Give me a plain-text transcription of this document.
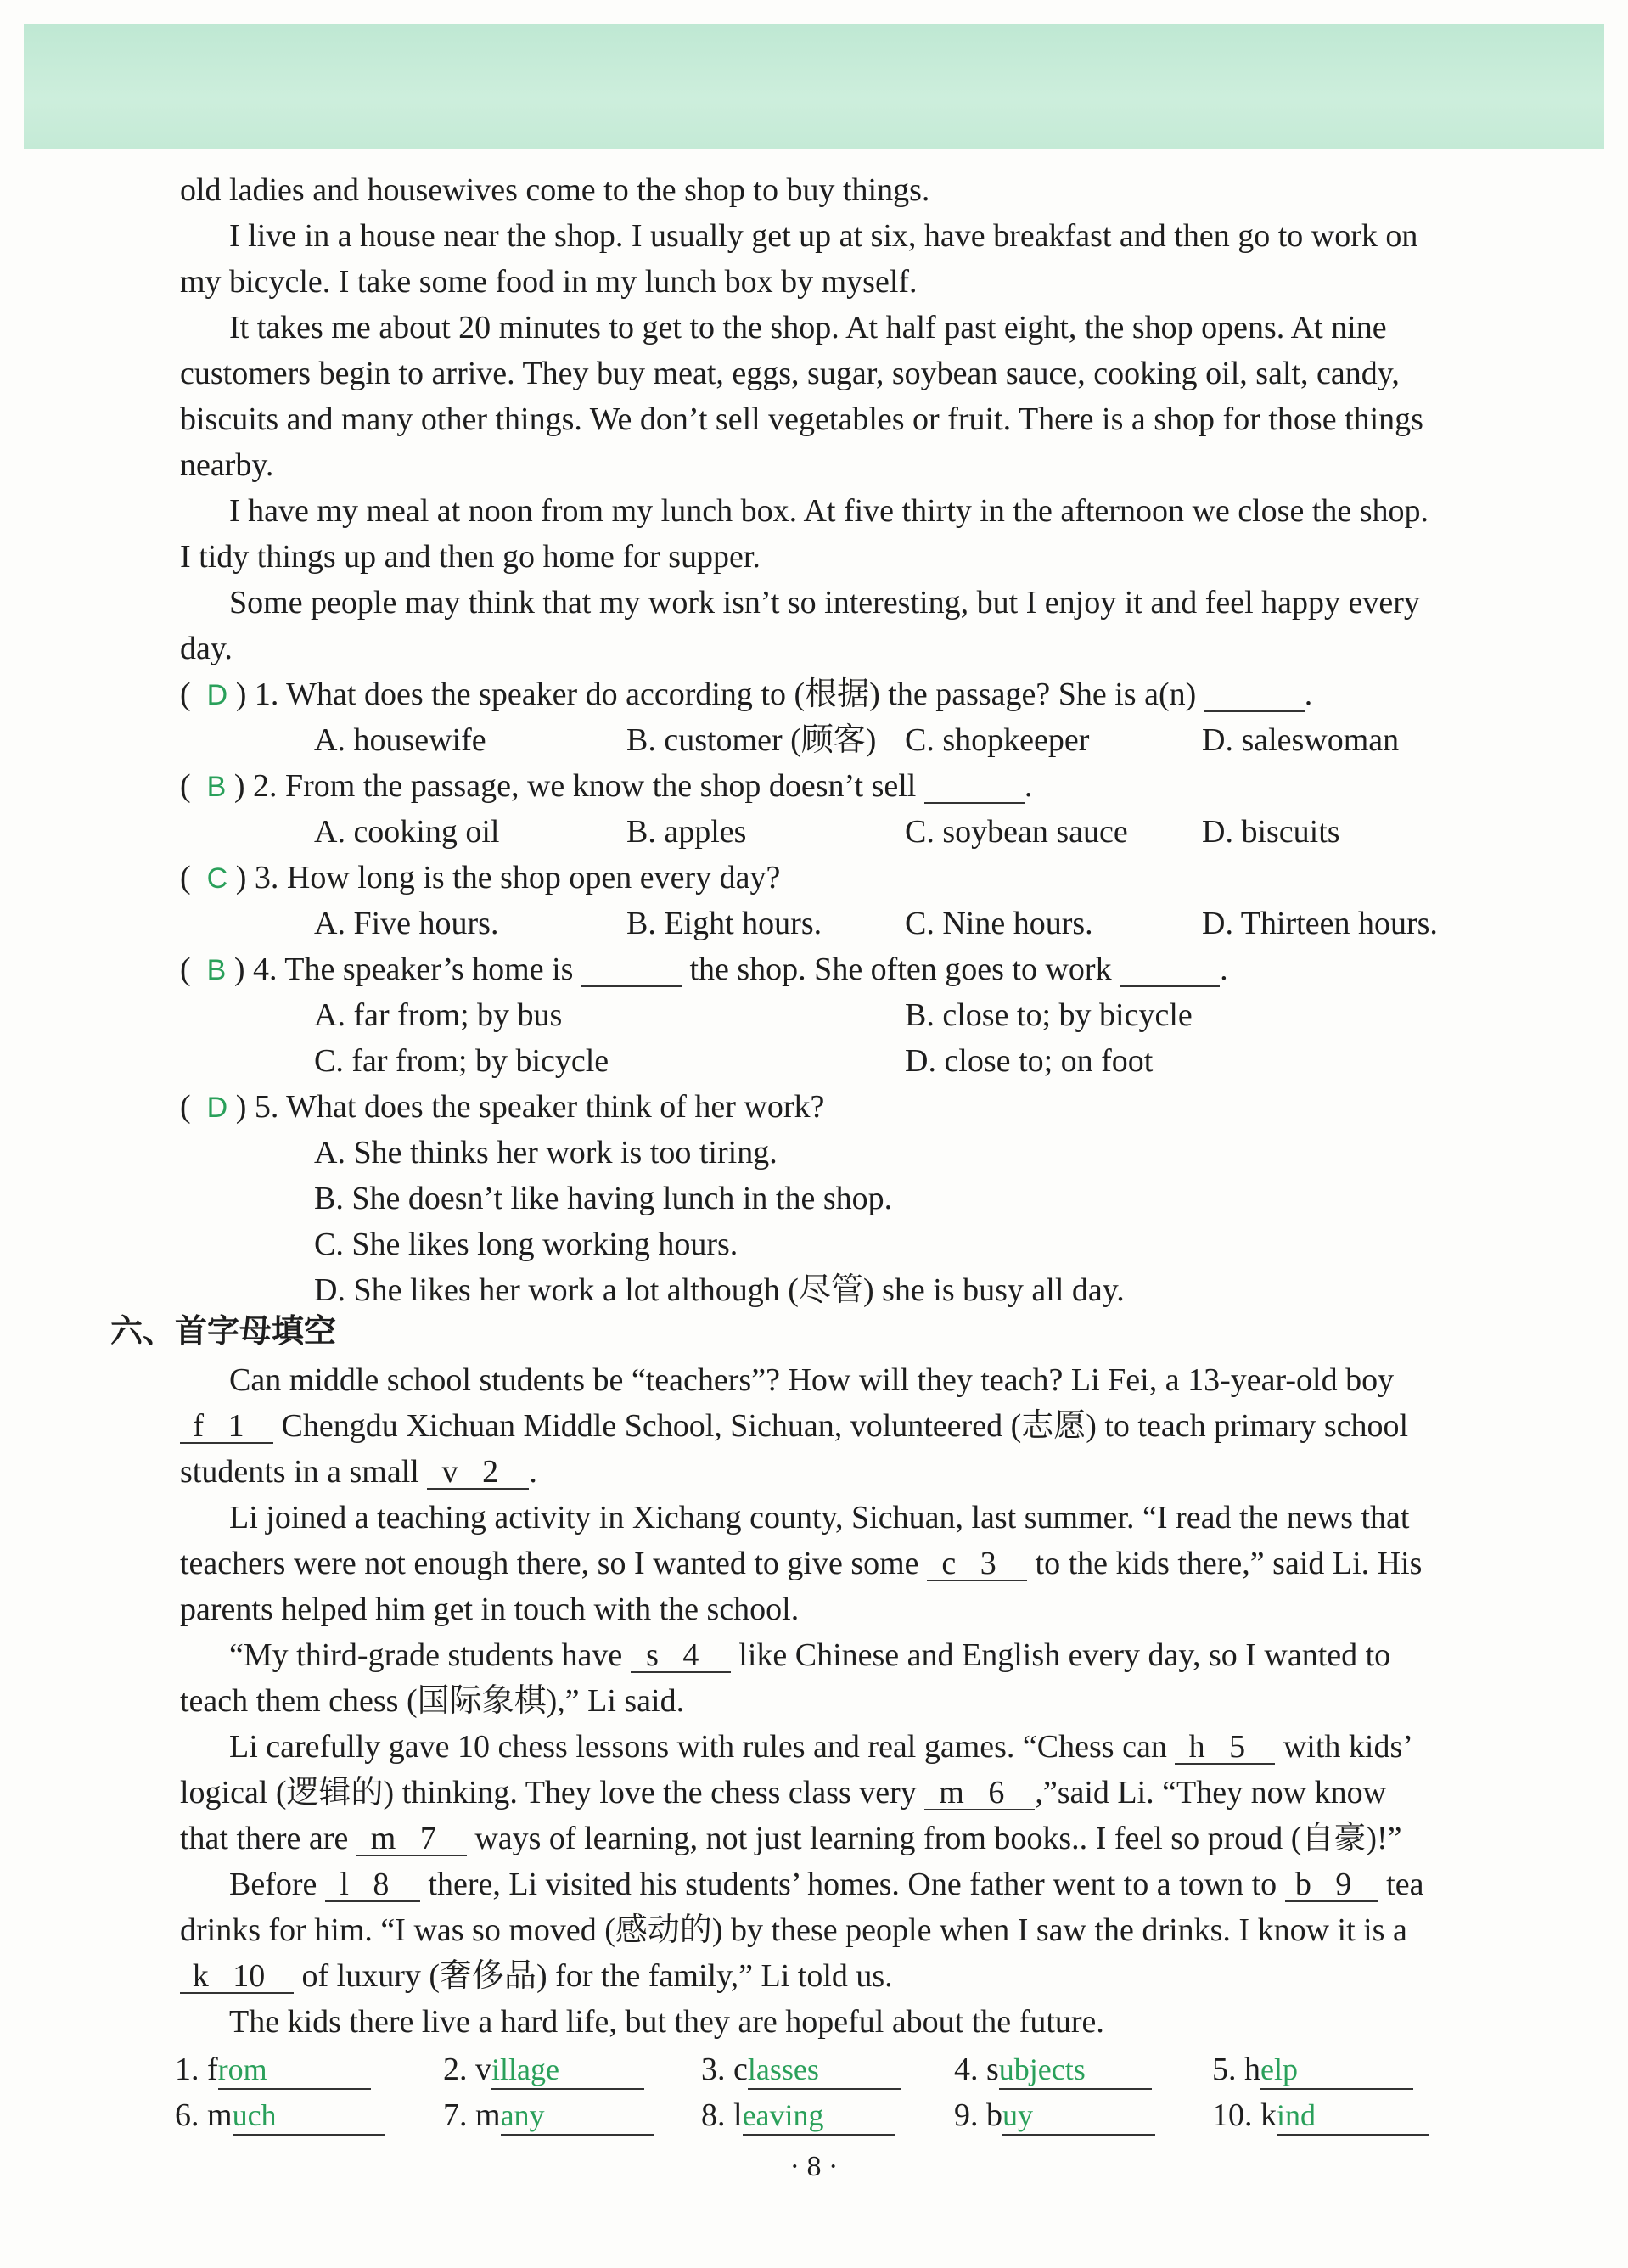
old ladies and housewives come to the shop to buy things.
I live in a house near the shop. I usually get up at six, have breakfast and then go to work on
my bicycle. I take some food in my lunch box by myself.
It takes me about 20 minutes to get to the shop. At half past eight, the shop opens. At nine
customers begin to arrive. They buy meat, eggs, sugar, soybean sauce, cooking oil, salt, candy,
biscuits and many other things. We don’t sell vegetables or fruit. There is a shop for those things
nearby.
I have my meal at noon from my lunch box. At five thirty in the afternoon we close the shop.
I tidy things up and then go home for supper.
Some people may think that my work isn’t so interesting, but I enjoy it and feel happy every
day.
(  D ) 1. What does the speaker do according to (根据) the passage? She is a(n)	.
A. housewife	B. customer (顾客) C. shopkeeper	D. saleswoman
(  B ) 2. From the passage, we know the shop doesn’t sell	.
A. cooking oil	B. apples	C. soybean sauce D. biscuits
(  C ) 3. How long is the shop open every day?
A. Five hours.	B. Eight hours.	C. Nine hours.	D. Thirteen hours.
(  B ) 4. The speaker’s home is	the shop. She often goes to work	.
A. far from; by bus	B. close to; by bicycle
C. far from; by bicycle	D. close to; on foot
(  D ) 5. What does the speaker think of her work?
A. She thinks her work is too tiring.
B. She doesn’t like having lunch in the shop.
C. She likes long working hours.
D. She likes her work a lot although (尽管) she is busy all day.
六、首字母填空
Can middle school students be “teachers”? How will they teach? Li Fei, a 13-year-old boy
f 1   Chengdu Xichuan Middle School, Sichuan, volunteered (志愿) to teach primary school
students in a small v 2 .
Li joined a teaching activity in Xichang county, Sichuan, last summer. “I read the news that
teachers were not enough there, so I wanted to give some c 3   to the kids there,” said Li. His
parents helped him get in touch with the school.
“My third-grade students have s 4   like Chinese and English every day, so I wanted to
teach them chess (国际象棋),” Li said.
Li carefully gave 10 chess lessons with rules and real games. “Chess can h 5   with kids’
logical (逻辑的) thinking. They love the chess class very m 6 ,”said Li. “They now know
that there are m 7   ways of learning, not just learning from books.. I feel so proud (自豪)!”
Before l 8   there, Li visited his students’ homes. One father went to a town to b 9   tea
drinks for him. “I was so moved (感动的) by these people when I saw the drinks. I know it is a
k 10   of luxury (奢侈品) for the family,” Li told us.
The kids there live a hard life, but they are hopeful about the future.
1. from	2. village	3. classes	4. subjects	5. help
6. much	7. many	8. leaving	9. buy	10. kind
· 8 ·
